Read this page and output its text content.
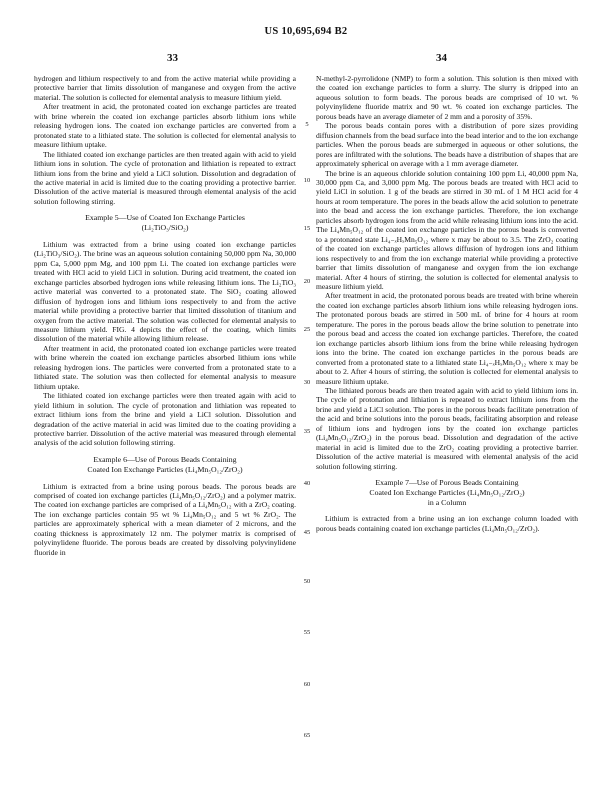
US 10,695,694 B2
33	34

hydrogen and lithium respectively to and from the active material while providing a protective barrier that limits dissolution of manganese and oxygen from the active material. The solution is collected for elemental analysis to measure lithium yield.

After treatment in acid, the protonated coated ion exchange particles are treated with brine wherein the coated ion exchange particles absorb lithium ions while releasing hydrogen ions. The coated ion exchange particles are converted from a protonated state to a lithiated state. The solution is collected for elemental analysis to measure lithium uptake.

The lithiated coated ion exchange particles are then treated again with acid to yield lithium ions in solution. The cycle of protonation and lithiation is repeated to extract lithium ions from the brine and yield a LiCl solution. Dissolution and degradation of the active material in acid is limited due to the coating providing a protective barrier. Dissolution of the active material is measured through elemental analysis of the acid solution following stirring.

Example 5—Use of Coated Ion Exchange Particles
(Li₂TiO₃/SiO₂)

Lithium was extracted from a brine using coated ion exchange particles (Li₂TiO₃/SiO₂). The brine was an aqueous solution containing 50,000 ppm Na, 30,000 ppm Ca, 5,000 ppm Mg, and 100 ppm Li. The coated ion exchange particles were treated with HCl acid to yield LiCl in solution. During acid treatment, the coated ion exchange particles absorbed hydrogen ions while releasing lithium ions. The Li₂TiO₃ active material was converted to a protonated state. The SiO₂ coating allowed diffusion of hydrogen ions and lithium ions respectively to and from the active material while providing a protective barrier that limited dissolution of titanium and oxygen from the active material. The solution was collected for elemental analysis to measure lithium yield. FIG. 4 depicts the effect of the coating, which limits dissolution of the material while allowing lithium release.

After treatment in acid, the protonated coated ion exchange particles were treated with brine wherein the coated ion exchange particles absorbed lithium ions while releasing hydrogen ions. The particles were converted from a protonated state to a lithiated state. The solution was then collected for elemental analysis to measure lithium uptake.

The lithiated coated ion exchange particles were then treated again with acid to yield lithium in solution. The cycle of protonation and lithiation was repeated to extract lithium ions from the brine and yield a LiCl solution. Dissolution and degradation of the active material in acid was limited due to the coating providing a protective barrier. Dissolution of the active material was measured through elemental analysis of the acid solution following stirring.

Example 6—Use of Porous Beads Containing
Coated Ion Exchange Particles (Li₄Mn₅O₁₂/ZrO₂)

Lithium is extracted from a brine using porous beads. The porous beads are comprised of coated ion exchange particles (Li₄Mn₅O₁₂/ZrO₂) and a polymer matrix. The coated ion exchange particles are comprised of a Li₄Mn₅O₁₂ with a ZrO₂ coating. The ion exchange particles contain 95 wt % Li₄Mn₅O₁₂ and 5 wt % ZrO₂. The particles are approximately spherical with a mean diameter of 2 microns, and the coating thickness is approximately 12 nm. The polymer matrix is comprised of polyvinylidene fluoride. The porous beads are created by dissolving polyvinylidene fluoride in

N-methyl-2-pyrrolidone (NMP) to form a solution. This solution is then mixed with the coated ion exchange particles to form a slurry. The slurry is dripped into an aqueous solution to form beads. The porous beads are comprised of 10 wt. % polyvinylidene fluoride matrix and 90 wt. % coated ion exchange particles. The porous beads have an average diameter of 2 mm and a porosity of 35%.

The porous beads contain pores with a distribution of pore sizes providing diffusion channels from the bead surface into the bead interior and to the ion exchange particles. When the porous beads are submerged in aqueous or other solutions, the pores are infiltrated with the solutions. The beads have a distribution of shapes that are approximately spherical on average with a 1 mm average diameter.

The brine is an aqueous chloride solution containing 100 ppm Li, 40,000 ppm Na, 30,000 ppm Ca, and 3,000 ppm Mg. The porous beads are treated with HCl acid to yield LiCl in solution. 1 g of the beads are stirred in 30 mL of 1 M HCl acid for 4 hours at room temperature. The pores in the beads allow the acid solution to penetrate into the bead and access the ion exchange particles. Therefore, the ion exchange particles absorb hydrogen ions from the acid while releasing lithium ions into the acid. The Li₄Mn₅O₁₂ of the coated ion exchange particles in the porous beads is converted to a protonated state Li₄₋ₓHₓMn₅O₁₂ where x may be about to 3.5. The ZrO₂ coating of the coated ion exchange particles allows diffusion of hydrogen ions and lithium ions respectively to and from the ion exchange material while providing a protective barrier that limits dissolution of manganese and oxygen from the ion exchange material. After 4 hours of stirring, the solution is collected for elemental analysis to measure lithium yield.

After treatment in acid, the protonated porous beads are treated with brine wherein the coated ion exchange particles absorb lithium ions while releasing hydrogen ions. The protonated porous beads are stirred in 500 mL of brine for 4 hours at room temperature. The pores in the porous beads allow the brine solution to penetrate into the porous bead and access the coated ion exchange particles. Therefore, the coated ion exchange particles absorb lithium ions from the brine while releasing hydrogen ions into the brine. The coated ion exchange particles in the porous beads are converted from a protonated state to a lithiated state Li₄₋ₓHₓMn₅O₁₂ where x may be about to 2. After 4 hours of stirring, the solution is collected for elemental analysis to measure lithium uptake.

The lithiated porous beads are then treated again with acid to yield lithium ions in. The cycle of protonation and lithiation is repeated to extract lithium ions from the brine and yield a LiCl solution. The pores in the porous beads facilitate penetration of the acid and brine solutions into the porous beads, facilitating absorption and release of lithium ions and hydrogen ions by the coated ion exchange particles (Li₄Mn₅O₁₂/ZrO₂) in the porous bead. Dissolution and degradation of the active material in acid is limited due to the ZrO₂ coating providing a protective barrier. Dissolution of the active material is measured with elemental analysis of the acid solution following stirring.

Example 7—Use of Porous Beads Containing
Coated Ion Exchange Particles (Li₄Mn₅O₁₂/ZrO₂)
in a Column

Lithium is extracted from a brine using an ion exchange column loaded with porous beads containing coated ion exchange particles (Li₄Mn₅O₁₂/ZrO₂).

5
10
15
20
25
30
35
40
45
50
55
60
65
